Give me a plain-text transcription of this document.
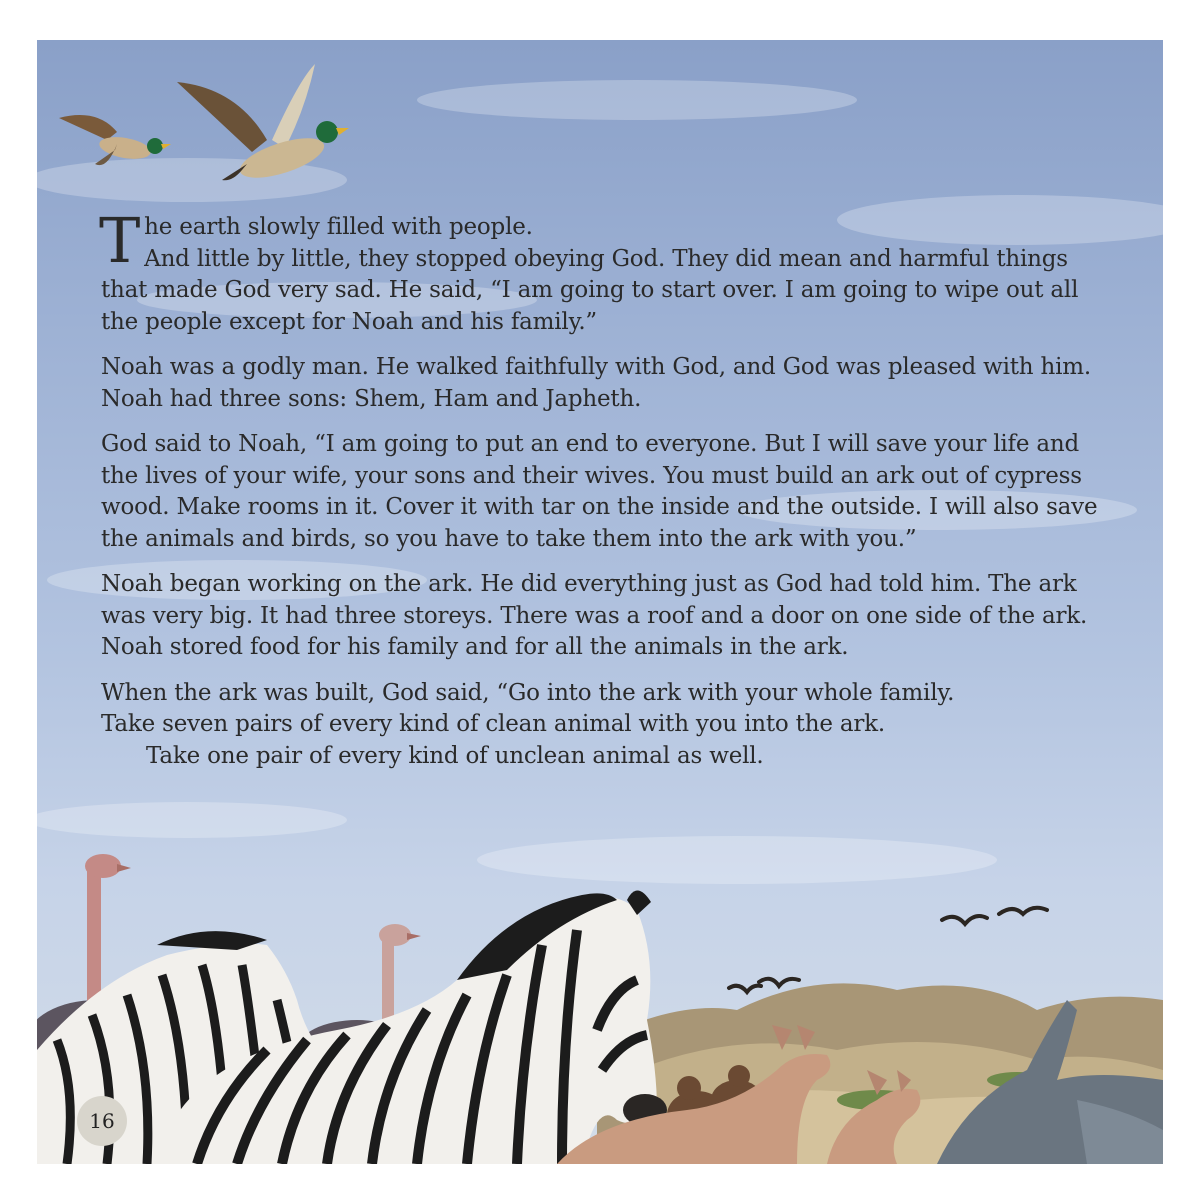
The earth slowly filled with people.
And little by little, they stopped obeying God. They did mean and harmful things that made God very sad. He said, “I am going to start over. I am going to wipe out all the people except for Noah and his family.”

Noah was a godly man. He walked faithfully with God, and God was pleased with him. Noah had three sons: Shem, Ham and Japheth.

God said to Noah, “I am going to put an end to everyone. But I will save your life and the lives of your wife, your sons and their wives. You must build an ark out of cypress wood. Make rooms in it. Cover it with tar on the inside and the outside. I will also save the animals and birds, so you have to take them into the ark with you.”

Noah began working on the ark. He did everything just as God had told him. The ark was very big. It had three storeys. There was a roof and a door on one side of the ark. Noah stored food for his family and for all the animals in the ark.

When the ark was built, God said, “Go into the ark with your whole family.
Take seven pairs of every kind of clean animal with you into the ark.
Take one pair of every kind of unclean animal as well.

16
